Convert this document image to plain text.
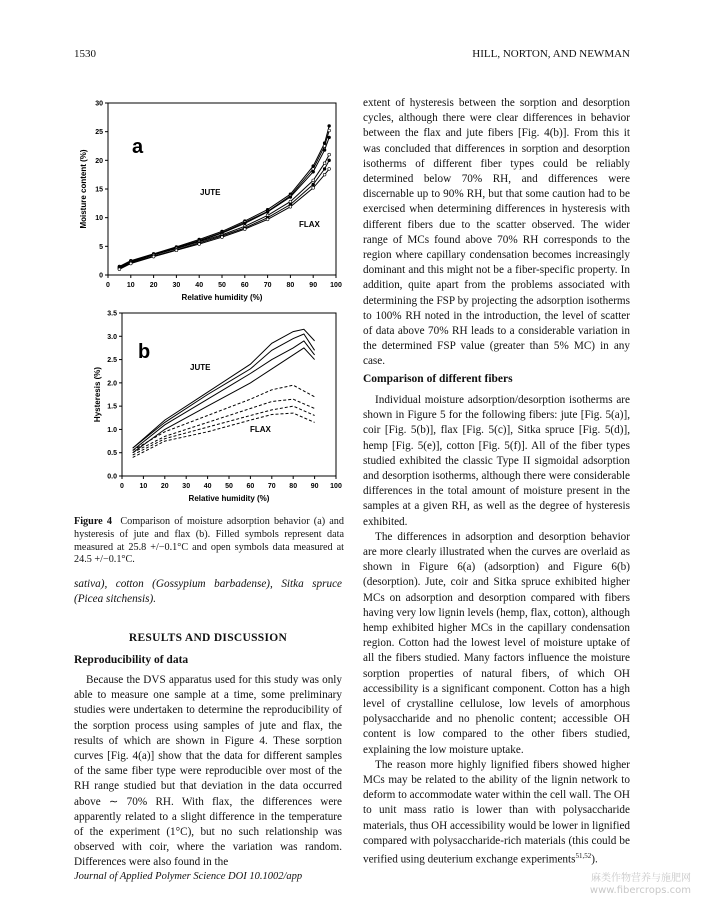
1530	HILL, NORTON, AND NEWMAN
0 10 20 30 40 50 60 70 80 90 100
0
5
10
15
20
25
30
Relative humidity (%)
Moisture content (%)
a
JUTE
FLAX
0 10 20 30 40 50 60 70 80 90 100
0.0
0.5
1.0
1.5
2.0
2.5
3.0
3.5
Relative humidity (%)
Hysteresis (%)
b
JUTE
FLAX
Figure 4 Comparison of moisture adsorption behavior (a) and hysteresis of jute and flax (b). Filled symbols represent data measured at 25.8 +/−0.1°C and open symbols data measured at 24.5 +/−0.1°C.
sativa), cotton (Gossypium barbadense), Sitka spruce (Picea sitchensis).
RESULTS AND DISCUSSION
Reproducibility of data

Because the DVS apparatus used for this study was only able to measure one sample at a time, some preliminary studies were undertaken to determine the reproducibility of the sorption process using samples of jute and flax, the results of which are shown in Figure 4. These sorption curves [Fig. 4(a)] show that the data for different samples of the same fiber type were reproducible over most of the RH range studied but that deviation in the data occurred above ∼ 70% RH. With flax, the differences were apparently related to a slight difference in the temperature of the experiment (1°C), but no such relationship was observed with coir, where the variation was random. Differences were also found in the

extent of hysteresis between the sorption and desorption cycles, although there were clear differences in behavior between the flax and jute fibers [Fig. 4(b)]. From this it was concluded that differences in sorption and desorption isotherms of different fiber types could be reliably determined below 70% RH, and differences were discernable up to 90% RH, but that some caution had to be exercised when determining differences in hysteresis with different fibers due to the scatter observed. The wider range of MCs found above 70% RH corresponds to the region where capillary condensation becomes increasingly dominant and this might not be a fiber-specific property. In addition, quite apart from the problems associated with determining the FSP by projecting the adsorption isotherms to 100% RH noted in the introduction, the level of scatter of data above 70% RH leads to a considerable variation in the determined FSP value (greater than 5% MC) in any case.

Comparison of different fibers

Individual moisture adsorption/desorption isotherms are shown in Figure 5 for the following fibers: jute [Fig. 5(a)], coir [Fig. 5(b)], flax [Fig. 5(c)], Sitka spruce [Fig. 5(d)], hemp [Fig. 5(e)], cotton [Fig. 5(f)]. All of the fiber types studied exhibited the classic Type II sigmoidal adsorption and desorption isotherms, although there were considerable differences in the total amount of moisture present in the samples at a given RH, as well as the degree of hysteresis exhibited.

The differences in adsorption and desorption behavior are more clearly illustrated when the curves are overlaid as shown in Figure 6(a) (adsorption) and Figure 6(b) (desorption). Jute, coir and Sitka spruce exhibited higher MCs on adsorption and desorption compared with fibers having very low lignin levels (hemp, flax, cotton), although hemp exhibited higher MCs in the capillary condensation region. Cotton had the lowest level of moisture uptake of all the fibers studied. Many factors influence the moisture sorption properties of natural fibers, of which OH accessibility is a significant component. Cotton has a high level of crystalline cellulose, low levels of amorphous polysaccharide and no phenolic content; accessible OH content is low compared to the other fibers studied, explaining the low moisture uptake.

The reason more highly lignified fibers showed higher MCs may be related to the ability of the lignin network to deform to accommodate water within the cell wall. The OH to unit mass ratio is lower than with polysaccharide materials, thus OH accessibility would be lower in lignified compared with polysaccharide-rich materials (this could be verified using deuterium exchange experiments$^{51,52}$).

Journal of Applied Polymer Science DOI 10.1002/app	麻类作物营养与施肥网
www.fibercrops.com
